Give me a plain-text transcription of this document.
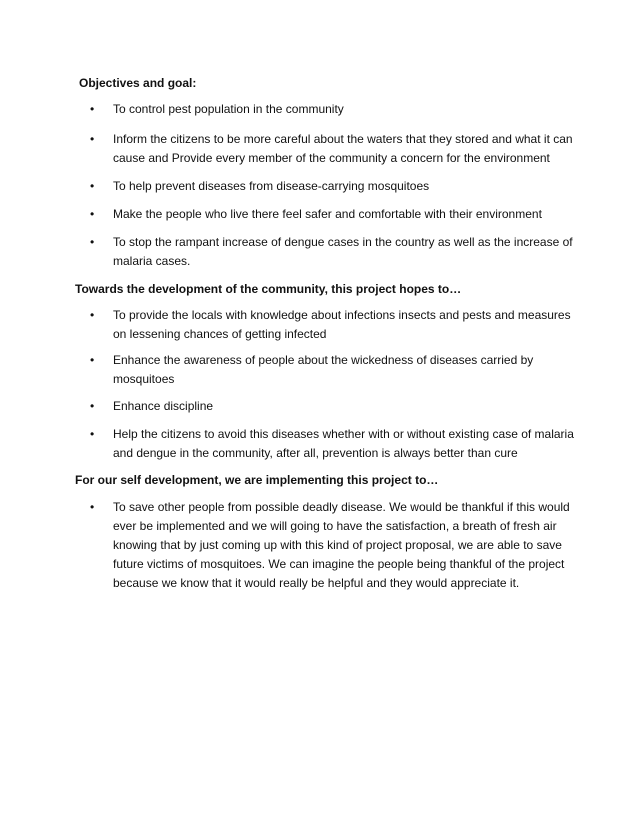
Objectives and goal:
• To control pest population in the community
• Inform the citizens to be more careful about the waters that they stored and what it can cause and Provide every member of the community a concern for the environment
• To help prevent diseases from disease-carrying mosquitoes
• Make the people who live there feel safer and comfortable with their environment
• To stop the rampant increase of dengue cases in the country as well as the increase of malaria cases.
Towards the development of the community, this project hopes to…
• To provide the locals with knowledge about infections insects and pests and measures on lessening chances of getting infected
• Enhance the awareness of people about the wickedness of diseases carried by mosquitoes
• Enhance discipline
• Help the citizens to avoid this diseases whether with or without existing case of malaria and dengue in the community, after all, prevention is always better than cure
For our self development, we are implementing this project to…
• To save other people from possible deadly disease. We would be thankful if this would ever be implemented and we will going to have the satisfaction, a breath of fresh air knowing that by just coming up with this kind of project proposal, we are able to save future victims of mosquitoes. We can imagine the people being thankful of the project because we know that it would really be helpful and they would appreciate it.
